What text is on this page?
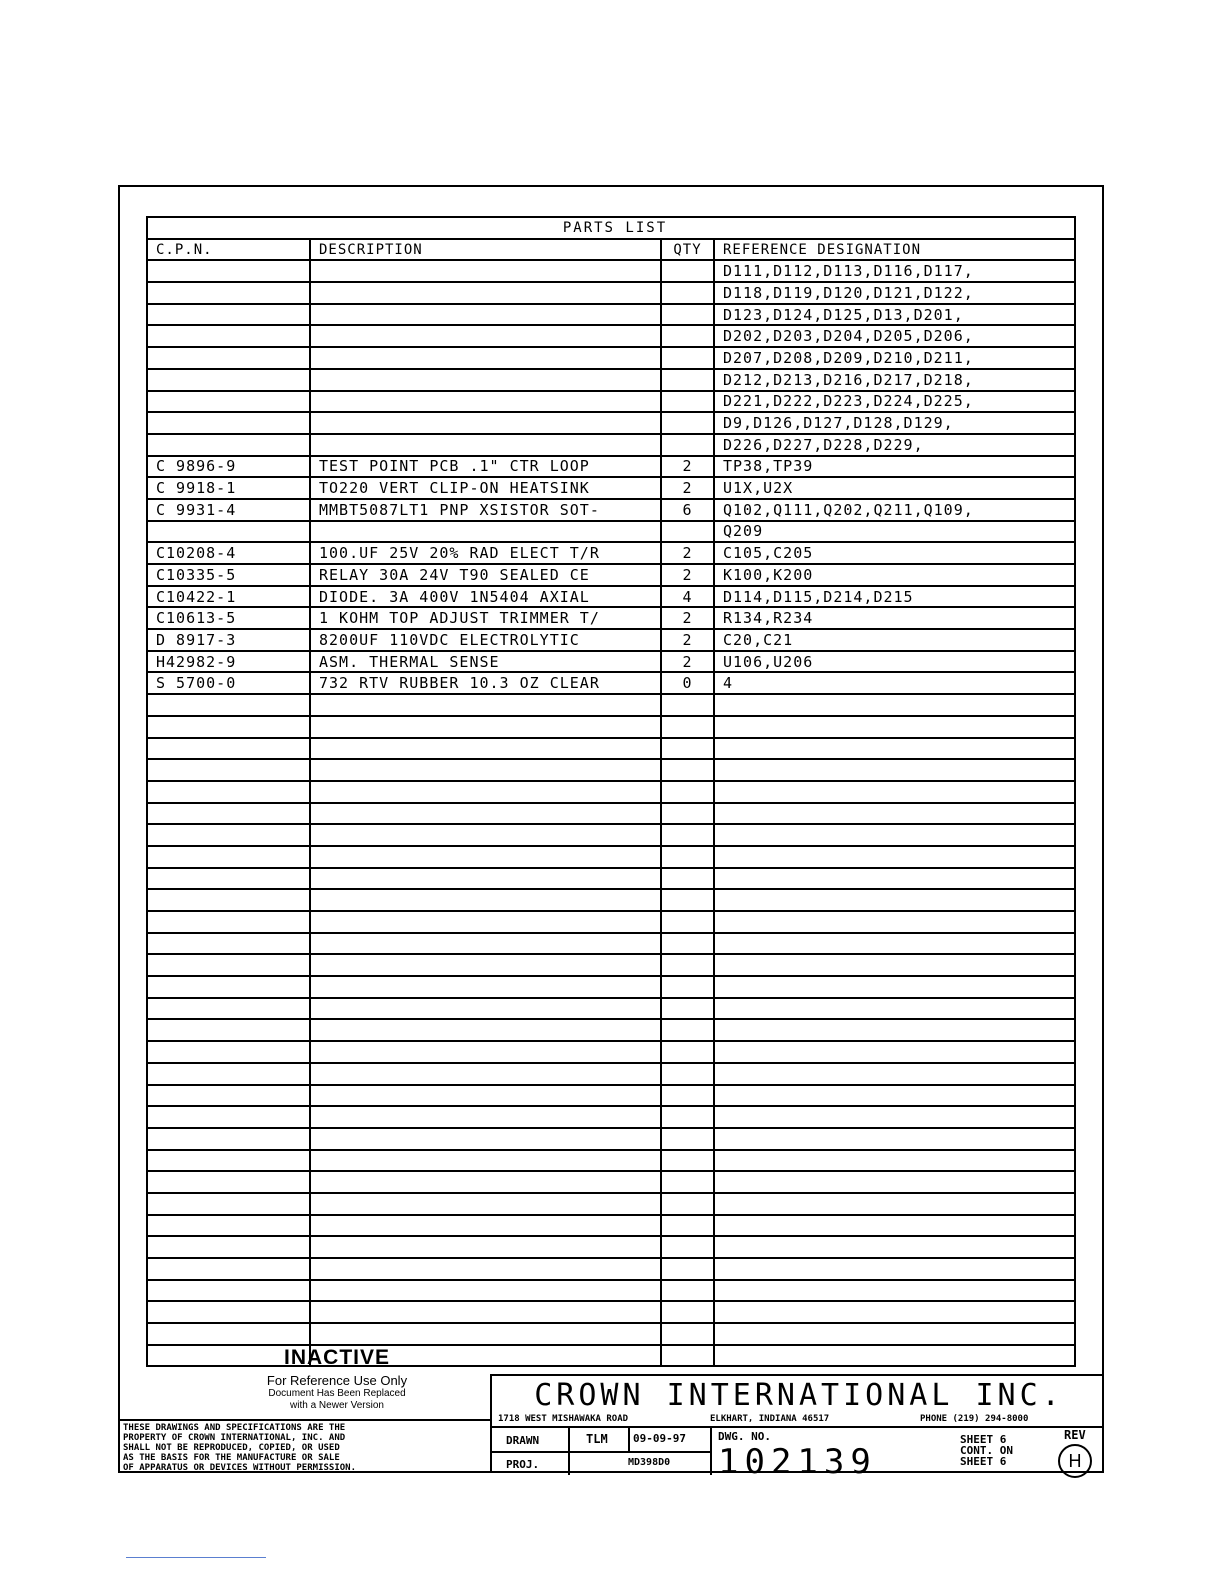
PARTS LIST			
C.P.N.	DESCRIPTION	QTY	REFERENCE DESIGNATION
			D111,D112,D113,D116,D117,
			D118,D119,D120,D121,D122,
			D123,D124,D125,D13,D201,
			D202,D203,D204,D205,D206,
			D207,D208,D209,D210,D211,
			D212,D213,D216,D217,D218,
			D221,D222,D223,D224,D225,
			D9,D126,D127,D128,D129,
			D226,D227,D228,D229,
C 9896-9	TEST POINT PCB .1" CTR LOOP	2	TP38,TP39
C 9918-1	TO220 VERT CLIP-ON HEATSINK	2	U1X,U2X
C 9931-4	MMBT5087LT1 PNP XSISTOR SOT-	6	Q102,Q111,Q202,Q211,Q109,
			Q209
C10208-4	100.UF 25V 20% RAD ELECT T/R	2	C105,C205
C10335-5	RELAY 30A 24V T90 SEALED CE	2	K100,K200
C10422-1	DIODE. 3A 400V 1N5404 AXIAL	4	D114,D115,D214,D215
C10613-5	1 KOHM TOP ADJUST TRIMMER T/	2	R134,R234
D 8917-3	8200UF 110VDC ELECTROLYTIC	2	C20,C21
H42982-9	ASM. THERMAL SENSE	2	U106,U206
S 5700-0	732 RTV RUBBER 10.3 OZ CLEAR	0	4

INACTIVE
For Reference Use Only
Document Has Been Replaced
with a Newer Version
THESE DRAWINGS AND SPECIFICATIONS ARE THE
PROPERTY OF CROWN INTERNATIONAL, INC. AND
SHALL NOT BE REPRODUCED, COPIED, OR USED
AS THE BASIS FOR THE MANUFACTURE OR SALE
OF APPARATUS OR DEVICES WITHOUT PERMISSION.
CROWN INTERNATIONAL INC.
1718 WEST MISHAWAKA ROAD	ELKHART, INDIANA 46517	PHONE (219) 294-8000
DRAWN
PROJ.
TLM 09-09-97
MD398D0
DWG. NO.
102139
SHEET 6
CONT. ON
SHEET 6
REV
H
